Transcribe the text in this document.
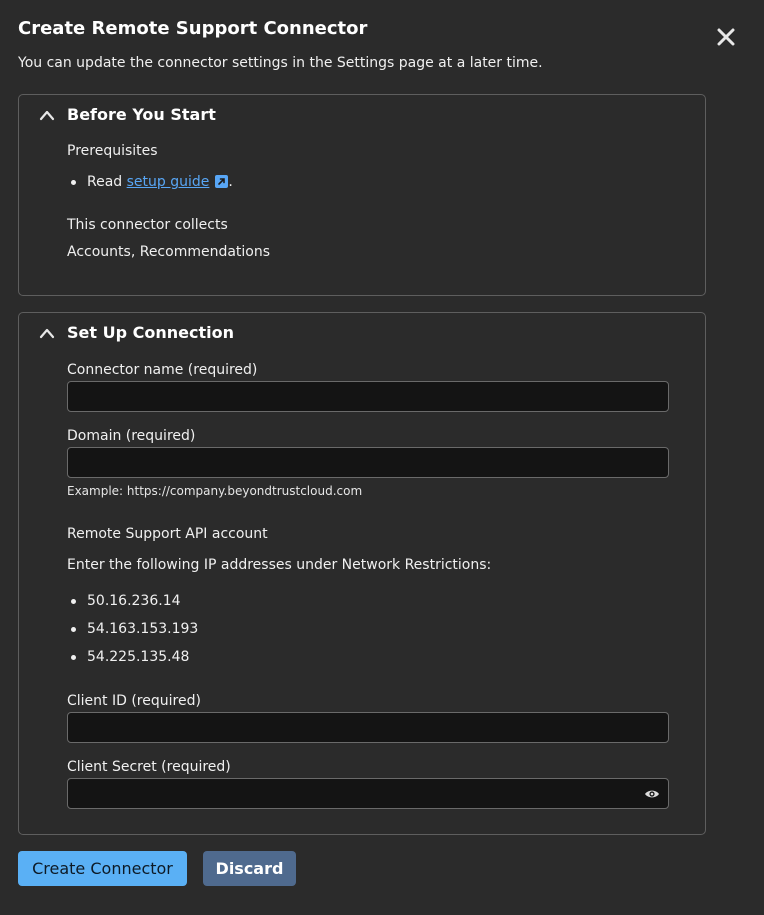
Create Remote Support Connector

You can update the connector settings in the Settings page at a later time.

Before You Start
Prerequisites
Read setup guide .
This connector collects
Accounts, Recommendations
Set Up Connection
Connector name (required)
Domain (required)
Example: https://company.beyondtrustcloud.com
Remote Support API account
Enter the following IP addresses under Network Restrictions:
50.16.236.14
54.163.153.193
54.225.135.48
Client ID (required)
Client Secret (required)
Create Connector	Discard
